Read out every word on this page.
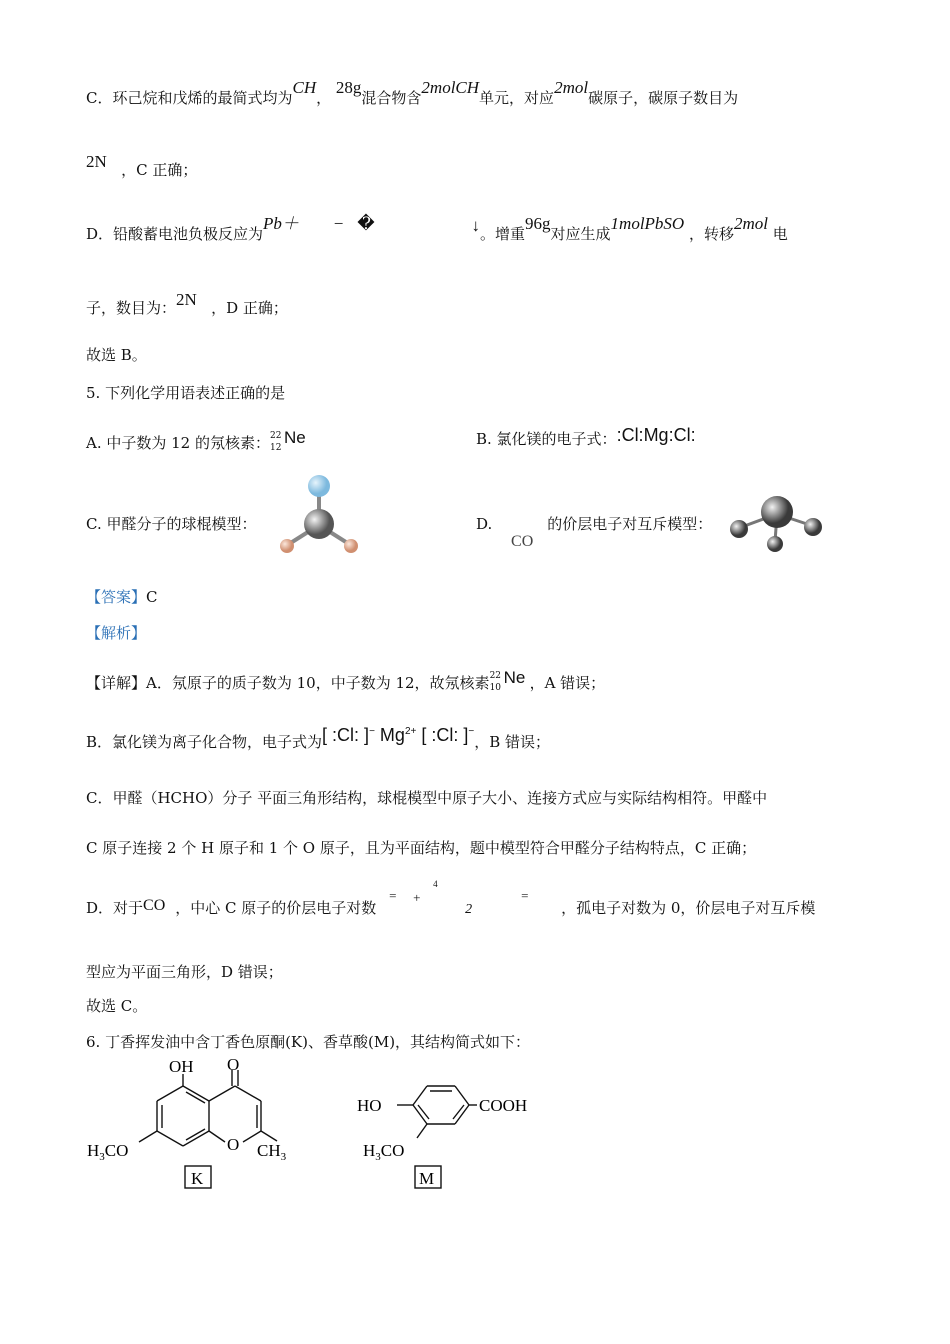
C．环己烷和戊烯的最简式均为CH， 28g混合物含2molCH单元，对应2mol碳原子，碳原子数目为
2N ，C 正确；
D．铅酸蓄电池负极反应为Pb＋ − �	↓。增重96g对应生成1molPbSO ，转移2mol 电
子，数目为：2N ，D 正确；
故选 B。
5. 下列化学用语表述正确的是
A. 中子数为 12 的氖核素： 22
12
Ne	B. 氯化镁的电子式：:Cl:Mg:Cl:
C. 甲醛分子的球棍模型：	D. CO的价层电子对互斥模型：
【答案】C
【解析】
【详解】A．氖原子的质子数为 10，中子数为 12，故氖核素 22
10
Ne ，A 错误；
B．氯化镁为离子化合物，电子式为[ :Cl: ]− $Mg^{2+}$ [ :Cl: ]−，B 错误；
C．甲醛（HCHO）分子 平面三角形结构，球棍模型中原子大小、连接方式应与实际结构相符。甲醛中
C 原子连接 2 个 H 原子和 1 个 O 原子，且为平面结构，题中模型符合甲醛分子结构特点，C 正确；
D．对于CO ，中心 C 原子的价层电子对数
= +
4
2
=
，孤电子对数为 0，价层电子对互斥模
型应为平面三角形，D 错误；
故选 C。
6. 丁香挥发油中含丁香色原酮(K)、香草酸(M)，其结构简式如下：
OH O
O
$H_3CO$	$CH_3$
K
HO	COOH
$H_3CO$
M
